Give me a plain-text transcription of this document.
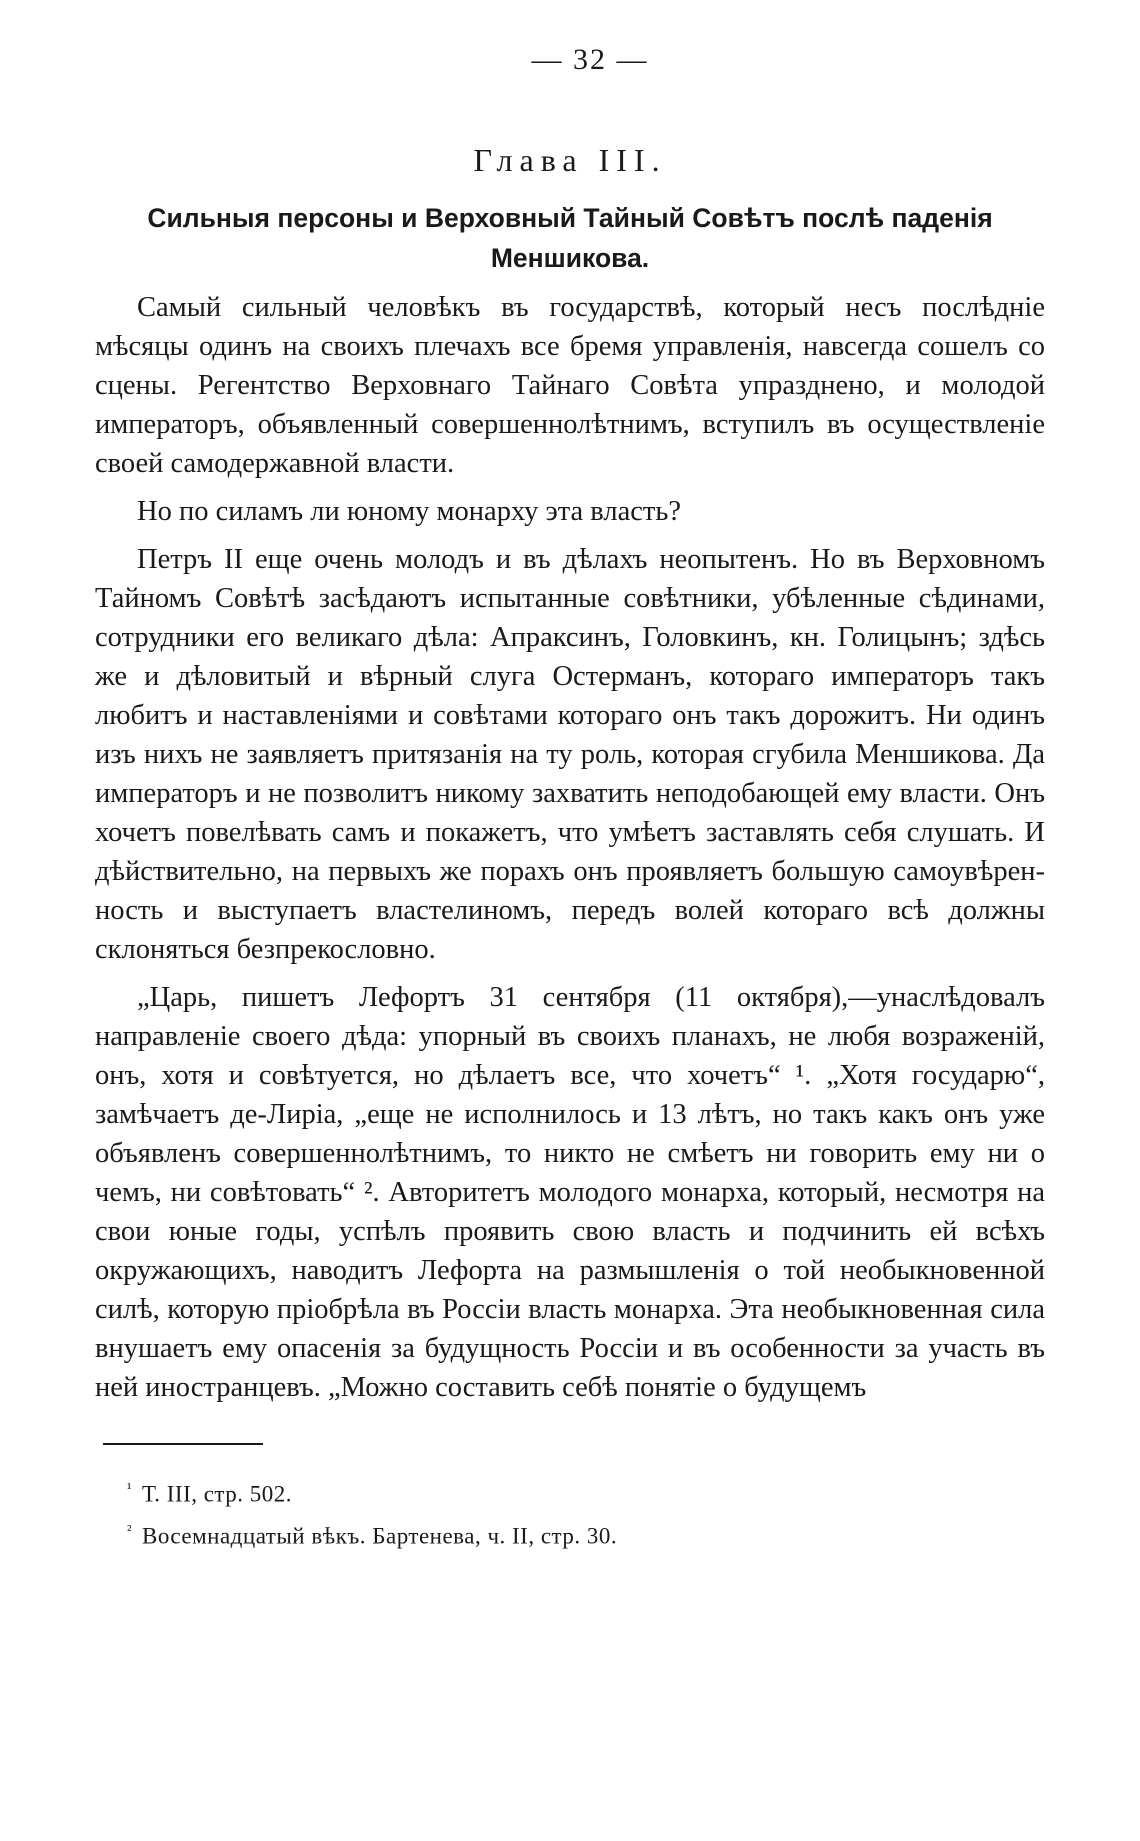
— 32 —
Глава III.
Сильныя персоны и Верховный Тайный Совѣтъ послѣ паденія Меншикова.

Самый сильный человѣкъ въ государствѣ, который несъ послѣдніе мѣсяцы одинъ на своихъ плечахъ все бремя управленія, навсегда сошелъ со сцены. Регентство Верховнаго Тайнаго Совѣта упразднено, и молодой императоръ, объявленный совершеннолѣтнимъ, вступилъ въ осуществленіе своей самодержавной власти.

Но по силамъ ли юному монарху эта власть?

Петръ II еще очень молодъ и въ дѣлахъ неопытенъ. Но въ Верховномъ Тайномъ Совѣтѣ засѣдаютъ испытанные совѣтники, убѣленные сѣдинами, сотрудники его великаго дѣла: Апраксинъ, Головкинъ, кн. Голицынъ; здѣсь же и дѣловитый и вѣрный слуга Остерманъ, котораго императоръ такъ любитъ и наставленіями и совѣтами котораго онъ такъ дорожитъ. Ни одинъ изъ нихъ не заявляетъ притязанія на ту роль, которая сгубила Меншикова. Да императоръ и не позволитъ никому захватить неподобающей ему власти. Онъ хочетъ повелѣвать самъ и покажетъ, что умѣетъ заставлять себя слушать. И дѣйствительно, на первыхъ же порахъ онъ проявляетъ большую самоувѣренность и выступаетъ властелиномъ, передъ волей котораго всѣ должны склоняться безпрекословно.

„Царь, пишетъ Лефортъ 31 сентября (11 октября),—унаслѣдовалъ направленіе своего дѣда: упорный въ своихъ планахъ, не любя возраженій, онъ, хотя и совѣтуется, но дѣлаетъ все, что хочетъ“ ¹. „Хотя государю“, замѣчаетъ де-Лиріа, „еще не исполнилось и 13 лѣтъ, но такъ какъ онъ уже объявленъ совершеннолѣтнимъ, то никто не смѣетъ ни говорить ему ни о чемъ, ни совѣтовать“ ². Авторитетъ молодого монарха, который, несмотря на свои юные годы, успѣлъ проявить свою власть и подчинить ей всѣхъ окружающихъ, наводитъ Лефорта на размышленія о той необыкновенной силѣ, которую пріобрѣла въ Россіи власть монарха. Эта необыкновенная сила внушаетъ ему опасенія за будущность Россіи и въ особенности за участь въ ней иностранцевъ. „Можно составить себѣ понятіе о будущемъ

$^{^1}$ Т. III, стр. 502.
$^{^2}$ Восемнадцатый вѣкъ. Бартенева, ч. II, стр. 30.
